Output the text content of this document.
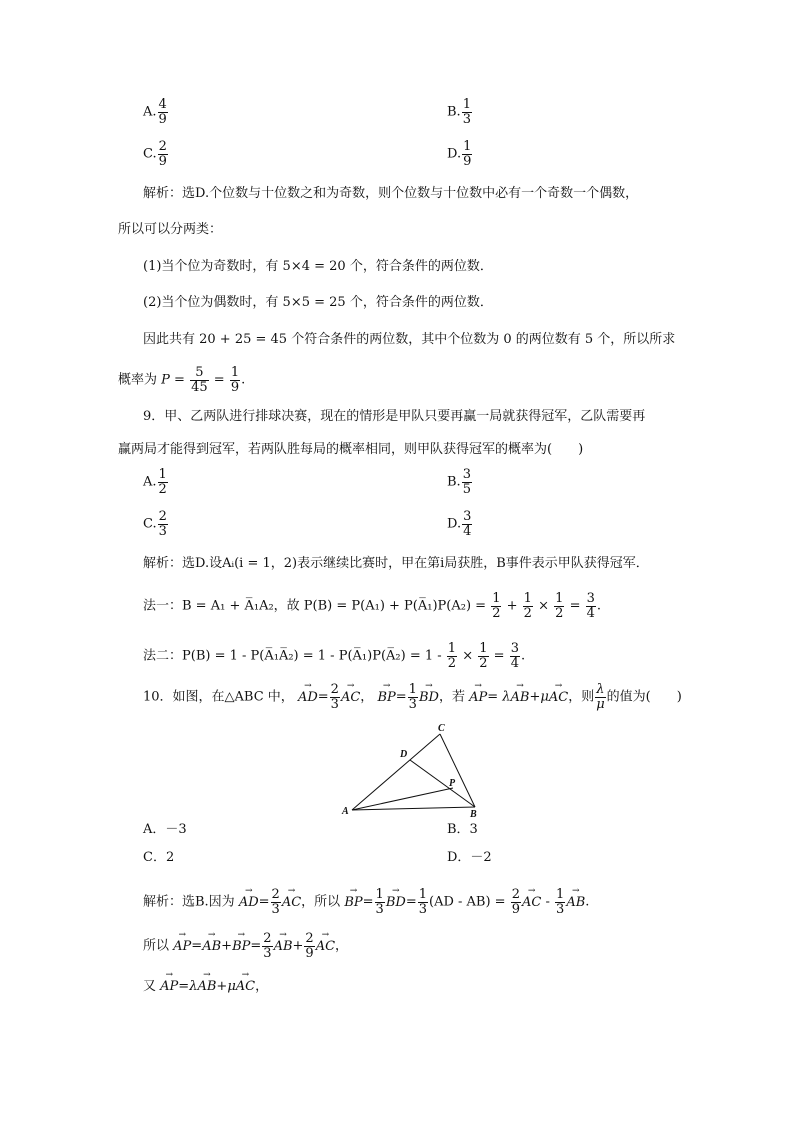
A. $\frac{4}{9}$	B. $\frac{1}{3}$
C. $\frac{2}{9}$	D. $\frac{1}{9}$
解析：选D.个位数与十位数之和为奇数，则个位数与十位数中必有一个奇数一个偶数，
所以可以分两类：
(1)当个位为奇数时，有 5×4 = 20 个，符合条件的两位数．
(2)当个位为偶数时，有 5×5 = 25 个，符合条件的两位数．
因此共有 20 + 25 = 45 个符合条件的两位数，其中个位数为 0 的两位数有 5 个，所以所求
概率为 $P = \frac{5}{45} = \frac{1}{9}$ .
9．甲、乙两队进行排球决赛，现在的情形是甲队只要再赢一局就获得冠军，乙队需要再
赢两局才能得到冠军，若两队胜每局的概率相同，则甲队获得冠军的概率为(　　)
A. $\frac{1}{2}$	B. $\frac{3}{5}$
C. $\frac{2}{3}$	D. $\frac{3}{4}$
解析：选D.设Aᵢ(i = 1，2)表示继续比赛时，甲在第i局获胜，B事件表示甲队获得冠军．
法一：B = A₁ + A̅₁A₂，故 P(B) = P(A₁) + P(A̅₁)P(A₂) = $\frac{1}{2} + \frac{1}{2} \times \frac{1}{2} = \frac{3}{4}$ .
法二：P(B) = 1 - P(A̅₁A̅₂) = 1 - P(A̅₁)P(A̅₂) = $1 - \frac{1}{2} \times \frac{1}{2} = \frac{3}{4}$ .
10．如图，在△ABC 中， → $AD= \frac{2}{3}$ → AC， → $BP= \frac{1}{3}$ → BD，若 → AP= λ→ AB+μ→ AC，则 $\frac{\lambda}{\mu}$ 的值为(　　)
A	B
C
D
P
A．－3	B．3
C．2	D．－2
解析：选B.因为 → $AD= \frac{2}{3}$ → AC，所以 → $BP= \frac{1}{3} \to BD= \frac{1}{3} (AD - AB) = \frac{2}{9}$ → AC - $\frac{1}{3}$ → AB.
所以 → $AP=\to AB+\to BP= \frac{2}{3} \to AB+ \frac{2}{9}$ → AC，
又 → AP=λ→ AB+μ→ AC，
